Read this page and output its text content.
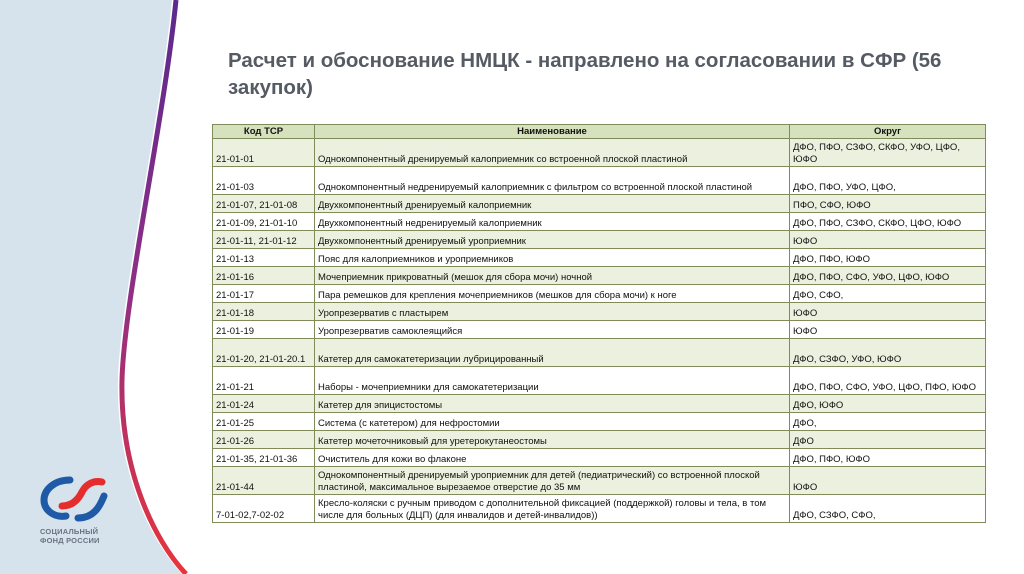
СОЦИАЛЬНЫЙ
ФОНД РОССИИ
Расчет и обоснование НМЦК - направлено на согласовании в СФР (56 закупок)
Код ТСР	Наименование	Округ
21-01-01	Однокомпонентный дренируемый калоприемник со встроенной плоской пластиной	ДФО, ПФО, СЗФО, СКФО, УФО, ЦФО, ЮФО
21-01-03	Однокомпонентный недренируемый калоприемник с фильтром со встроенной плоской пластиной	ДФО, ПФО, УФО, ЦФО,
21-01-07, 21-01-08	Двухкомпонентный дренируемый калоприемник	ПФО, СФО, ЮФО
21-01-09, 21-01-10	Двухкомпонентный недренируемый калоприемник	ДФО, ПФО, СЗФО, СКФО, ЦФО, ЮФО
21-01-11, 21-01-12	Двухкомпонентный дренируемый уроприемник	ЮФО
21-01-13	Пояс для калоприемников и уроприемников	ДФО, ПФО, ЮФО
21-01-16	Мочеприемник прикроватный (мешок для сбора мочи) ночной	ДФО, ПФО, СФО, УФО, ЦФО, ЮФО
21-01-17	Пара ремешков для крепления мочеприемников (мешков для сбора мочи) к ноге	ДФО, СФО,
21-01-18	Уропрезерватив с пластырем	ЮФО
21-01-19	Уропрезерватив самоклеящийся	ЮФО
21-01-20, 21-01-20.1	Катетер для самокатетеризации лубрицированный	ДФО, СЗФО, УФО, ЮФО
21-01-21	Наборы - мочеприемники для самокатетеризации	ДФО, ПФО, СФО, УФО, ЦФО, ПФО, ЮФО
21-01-24	Катетер для эпицистостомы	ДФО, ЮФО
21-01-25	Система (с катетером) для нефростомии	ДФО,
21-01-26	Катетер мочеточниковый для уретерокутанеостомы	ДФО
21-01-35, 21-01-36	Очиститель для кожи во флаконе	ДФО, ПФО, ЮФО
21-01-44	Однокомпонентный дренируемый уроприемник для детей (педиатрический) со встроенной плоской пластиной, максимальное вырезаемое отверстие до 35 мм	ЮФО
7-01-02,7-02-02	Кресло-коляски с ручным приводом с дополнительной фиксацией (поддержкой) головы и тела, в том числе для больных (ДЦП) (для инвалидов и детей-инвалидов))	ДФО, СЗФО, СФО,
